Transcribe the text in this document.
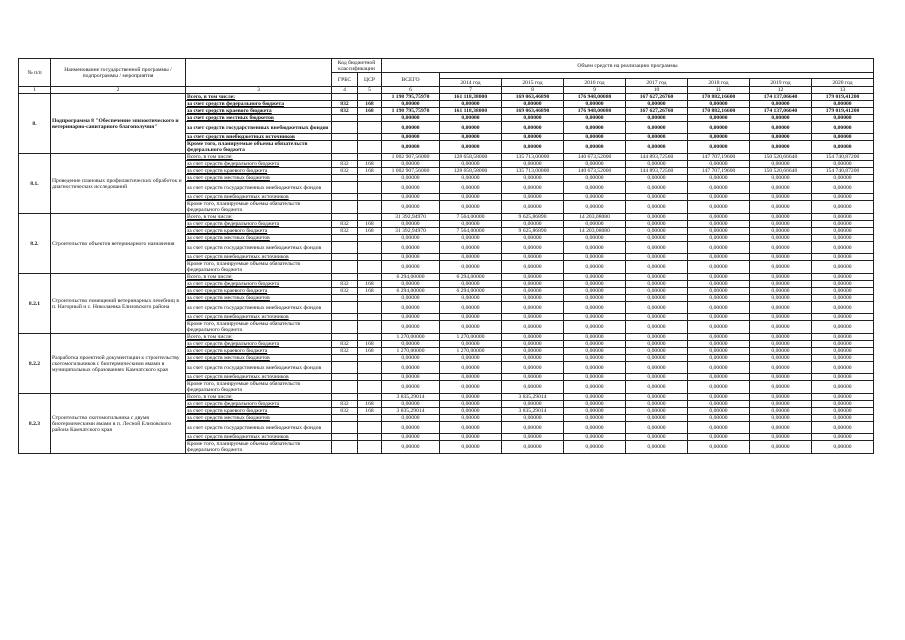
№ п/п	Наименование государственной программы / подпрограммы / мероприятия		Код бюджетной классификации		Объем средств на реализацию программы							
			ГРБС	ЦСР	ВСЕГО							
						2014 год	2015 год	2016 год	2017 год	2018 год	2019 год	2020 год
1	2	3	4	5	6	7	8	9	10	11	12	13
8.	Подпрограмма 8 "Обеспечение эпизоотического и ветеринарно-санитарного благополучия"	Всего, в том числе:			1 198 795,75970	161 118,38000	169 063,46890	176 948,00080	167 627,26760	170 882,16600	174 137,06640	179 019,41200
		за счет средств федерального бюджета	832	168	0,00000	0,00000	0,00000	0,00000	0,00000	0,00000	0,00000	0,00000
		за счет средств краевого бюджета	832	168	1 198 795,75970	161 118,38000	169 063,46890	176 948,00080	167 627,26760	170 882,16600	174 137,06640	179 019,41200
		за счет средств местных бюджетов			0,00000	0,00000	0,00000	0,00000	0,00000	0,00000	0,00000	0,00000
		за счет средств государственных внебюджетных фондов			0,00000	0,00000	0,00000	0,00000	0,00000	0,00000	0,00000	0,00000
		за счет средств внебюджетных источников			0,00000	0,00000	0,00000	0,00000	0,00000	0,00000	0,00000	0,00000
		Кроме того, планируемые объемы обязательств федерального бюджета			0,00000	0,00000	0,00000	0,00000	0,00000	0,00000	0,00000	0,00000
8.1.	Проведение плановых профилактических обработок и диагностических исследований	Всего, в том числе:			1 002 907,56000	128 658,58000	135 713,00000	140 673,52000	144 893,72560	147 707,19600	150 520,66640	154 740,87200
		за счет средств федерального бюджета	832	168	0,00000	0,00000	0,00000	0,00000	0,00000	0,00000	0,00000	0,00000
		за счет средств краевого бюджета	832	168	1 002 907,56000	128 658,58000	135 713,00000	140 673,52000	144 893,72560	147 707,19600	150 520,66640	154 740,87200
		за счет средств местных бюджетов			0,00000	0,00000	0,00000	0,00000	0,00000	0,00000	0,00000	0,00000
		за счет средств государственных внебюджетных фондов			0,00000	0,00000	0,00000	0,00000	0,00000	0,00000	0,00000	0,00000
		за счет средств внебюджетных источников			0,00000	0,00000	0,00000	0,00000	0,00000	0,00000	0,00000	0,00000
		Кроме того, планируемые объемы обязательств федерального бюджета			0,00000	0,00000	0,00000	0,00000	0,00000	0,00000	0,00000	0,00000
8.2.	Строительство объектов ветеринарного назначения	Всего, в том числе:			31 392,94970	7 564,00000	9 625,86890	14 203,08080	0,00000	0,00000	0,00000	0,00000
		за счет средств федерального бюджета	832	168	0,00000	0,00000	0,00000	0,00000	0,00000	0,00000	0,00000	0,00000
		за счет средств краевого бюджета	832	168	31 392,94970	7 564,00000	9 625,86890	14 203,08080	0,00000	0,00000	0,00000	0,00000
		за счет средств местных бюджетов			0,00000	0,00000	0,00000	0,00000	0,00000	0,00000	0,00000	0,00000
		за счет средств государственных внебюджетных фондов			0,00000	0,00000	0,00000	0,00000	0,00000	0,00000	0,00000	0,00000
		за счет средств внебюджетных источников			0,00000	0,00000	0,00000	0,00000	0,00000	0,00000	0,00000	0,00000
		Кроме того, планируемые объемы обязательств федерального бюджета			0,00000	0,00000	0,00000	0,00000	0,00000	0,00000	0,00000	0,00000
8.2.1	Строительство помещений ветеринарных лечебниц в п. Нагорный и с. Николаевка Елизовского района	Всего, в том числе:			6 294,00000	6 294,00000	0,00000	0,00000	0,00000	0,00000	0,00000	0,00000
		за счет средств федерального бюджета	832	168	0,00000	0,00000	0,00000	0,00000	0,00000	0,00000	0,00000	0,00000
		за счет средств краевого бюджета	832	168	6 294,00000	6 294,00000	0,00000	0,00000	0,00000	0,00000	0,00000	0,00000
		за счет средств местных бюджетов			0,00000	0,00000	0,00000	0,00000	0,00000	0,00000	0,00000	0,00000
		за счет средств государственных внебюджетных фондов			0,00000	0,00000	0,00000	0,00000	0,00000	0,00000	0,00000	0,00000
		за счет средств внебюджетных источников			0,00000	0,00000	0,00000	0,00000	0,00000	0,00000	0,00000	0,00000
		Кроме того, планируемые объемы обязательств федерального бюджета			0,00000	0,00000	0,00000	0,00000	0,00000	0,00000	0,00000	0,00000
8.2.2	Разработка проектной документации к строительству скотомогильников с биотермическими ямами в муниципальных образованиях Камчатского края	Всего, в том числе:			1 270,00000	1 270,00000	0,00000	0,00000	0,00000	0,00000	0,00000	0,00000
		за счет средств федерального бюджета	832	168	0,00000	0,00000	0,00000	0,00000	0,00000	0,00000	0,00000	0,00000
		за счет средств краевого бюджета	832	168	1 270,00000	1 270,00000	0,00000	0,00000	0,00000	0,00000	0,00000	0,00000
		за счет средств местных бюджетов			0,00000	0,00000	0,00000	0,00000	0,00000	0,00000	0,00000	0,00000
		за счет средств государственных внебюджетных фондов			0,00000	0,00000	0,00000	0,00000	0,00000	0,00000	0,00000	0,00000
		за счет средств внебюджетных источников			0,00000	0,00000	0,00000	0,00000	0,00000	0,00000	0,00000	0,00000
		Кроме того, планируемые объемы обязательств федерального бюджета			0,00000	0,00000	0,00000	0,00000	0,00000	0,00000	0,00000	0,00000
8.2.3	Строительство скотомогильника с двумя биотермическими ямами в п. Лесной Елизовского района Камчатского края	Всего, в том числе:			3 835,29014	0,00000	3 835,29014	0,00000	0,00000	0,00000	0,00000	0,00000
		за счет средств федерального бюджета	832	168	0,00000	0,00000	0,00000	0,00000	0,00000	0,00000	0,00000	0,00000
		за счет средств краевого бюджета	832	168	3 835,29014	0,00000	3 835,29014	0,00000	0,00000	0,00000	0,00000	0,00000
		за счет средств местных бюджетов			0,00000	0,00000	0,00000	0,00000	0,00000	0,00000	0,00000	0,00000
		за счет средств государственных внебюджетных фондов			0,00000	0,00000	0,00000	0,00000	0,00000	0,00000	0,00000	0,00000
		за счет средств внебюджетных источников			0,00000	0,00000	0,00000	0,00000	0,00000	0,00000	0,00000	0,00000
		Кроме того, планируемые объемы обязательств федерального бюджета			0,00000	0,00000	0,00000	0,00000	0,00000	0,00000	0,00000	0,00000
